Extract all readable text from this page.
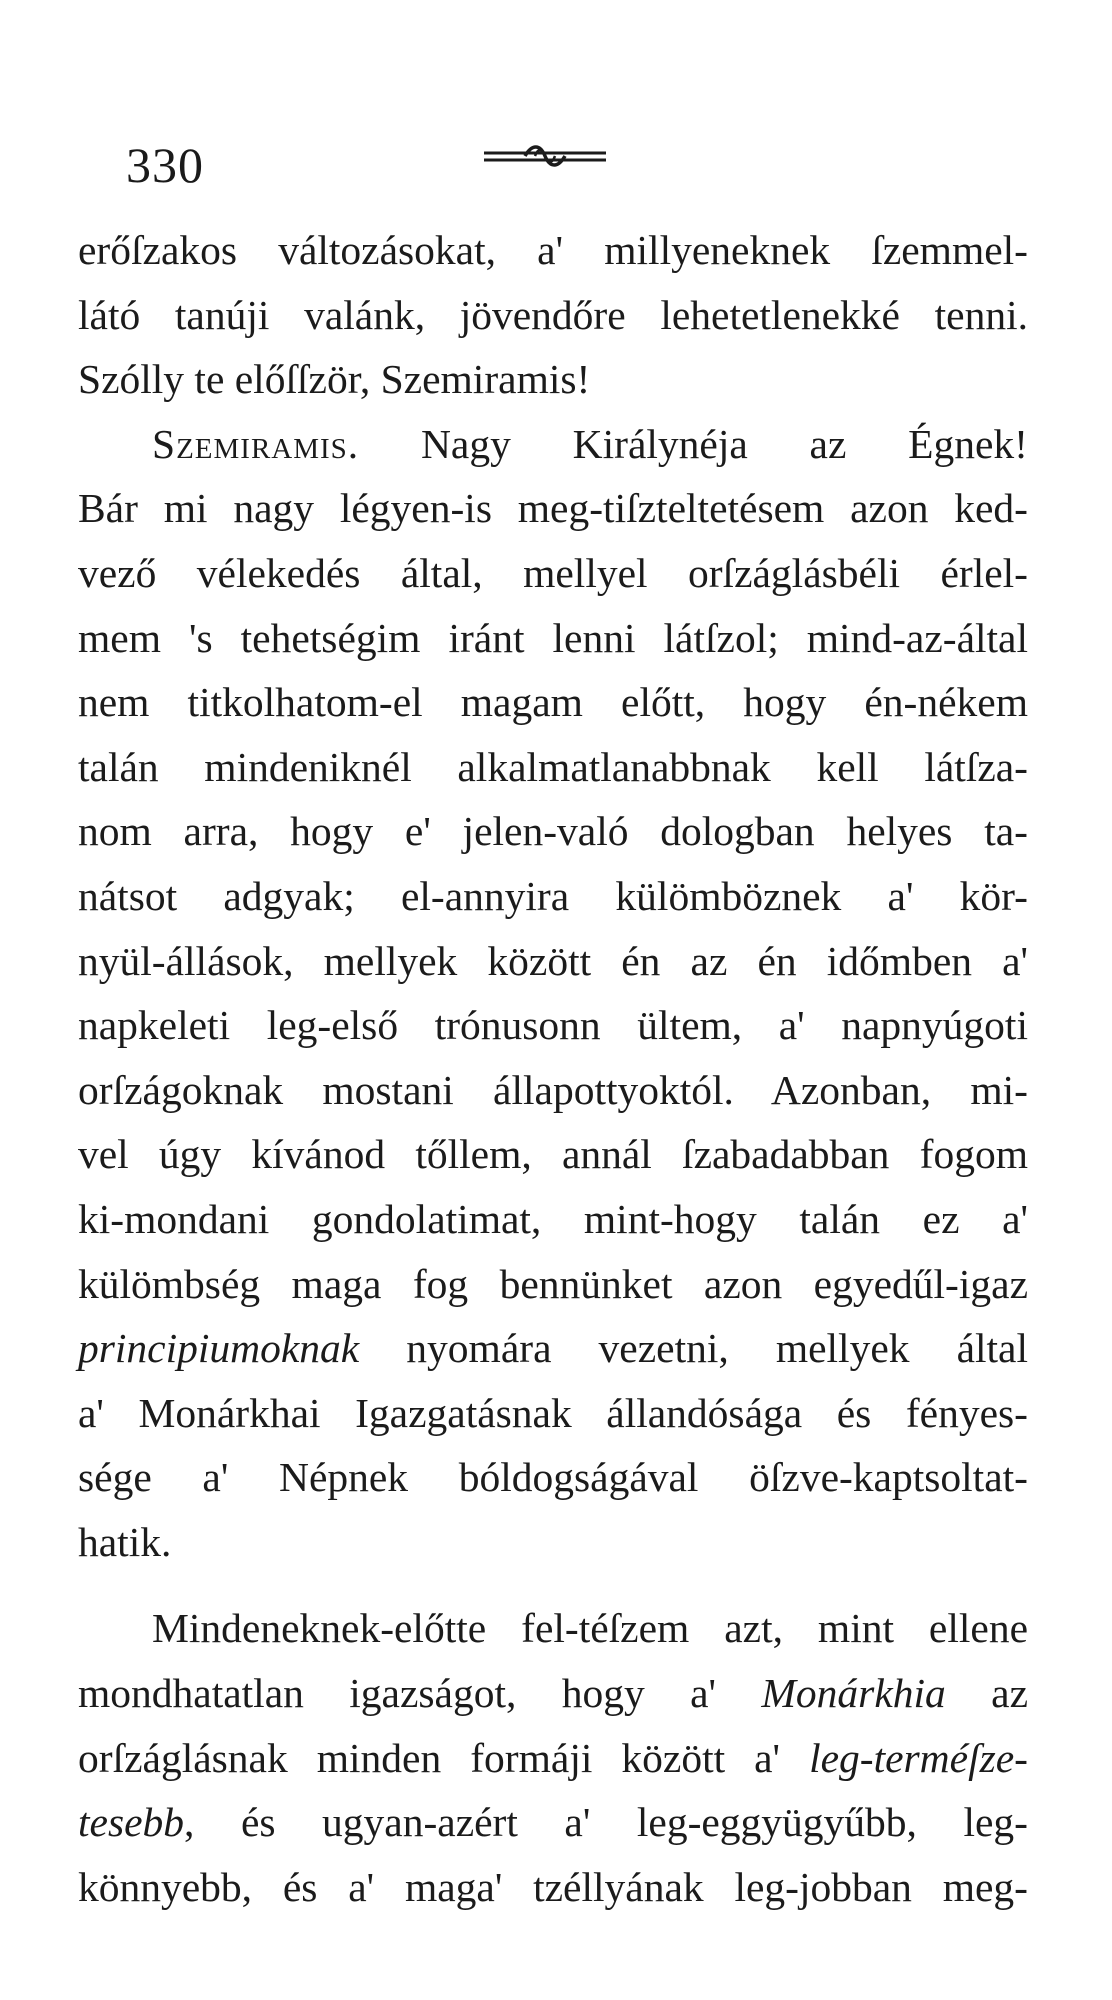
330
erőſzakos változásokat, a' millyeneknek ſzemmel-
látó tanúji valánk, jövendőre lehetetlenekké tenni.
Szólly te előſſzör, Szemiramis!
Szemiramis. Nagy Királynéja az Égnek!
Bár mi nagy légyen-is meg-tiſzteltetésem azon ked-
vező vélekedés által, mellyel orſzáglásbéli érlel-
mem 's tehetségim iránt lenni látſzol; mind-az-által
nem titkolhatom-el magam előtt, hogy én-nékem
talán mindeniknél alkalmatlanabbnak kell látſza-
nom arra, hogy e' jelen-való dologban helyes ta-
nátsot adgyak; el-annyira külömböznek a' kör-
nyül-állások, mellyek között én az én időmben a'
napkeleti leg-első trónusonn ültem, a' napnyúgoti
orſzágoknak mostani állapottyoktól. Azonban, mi-
vel úgy kívánod tőllem, annál ſzabadabban fogom
ki-mondani gondolatimat, mint-hogy talán ez a'
külömbség maga fog bennünket azon egyedűl-igaz
principiumoknak nyomára vezetni, mellyek által
a' Monárkhai Igazgatásnak állandósága és fényes-
sége a' Népnek bóldogságával öſzve-kaptsoltat-
hatik.
Mindeneknek-előtte fel-téſzem azt, mint ellene
mondhatatlan igazságot, hogy a' Monárkhia az
orſzáglásnak minden formáji között a' leg-terméſze-
tesebb, és ugyan-azért a' leg-eggyügyűbb, leg-
könnyebb, és a' maga' tzéllyának leg-jobban meg-
